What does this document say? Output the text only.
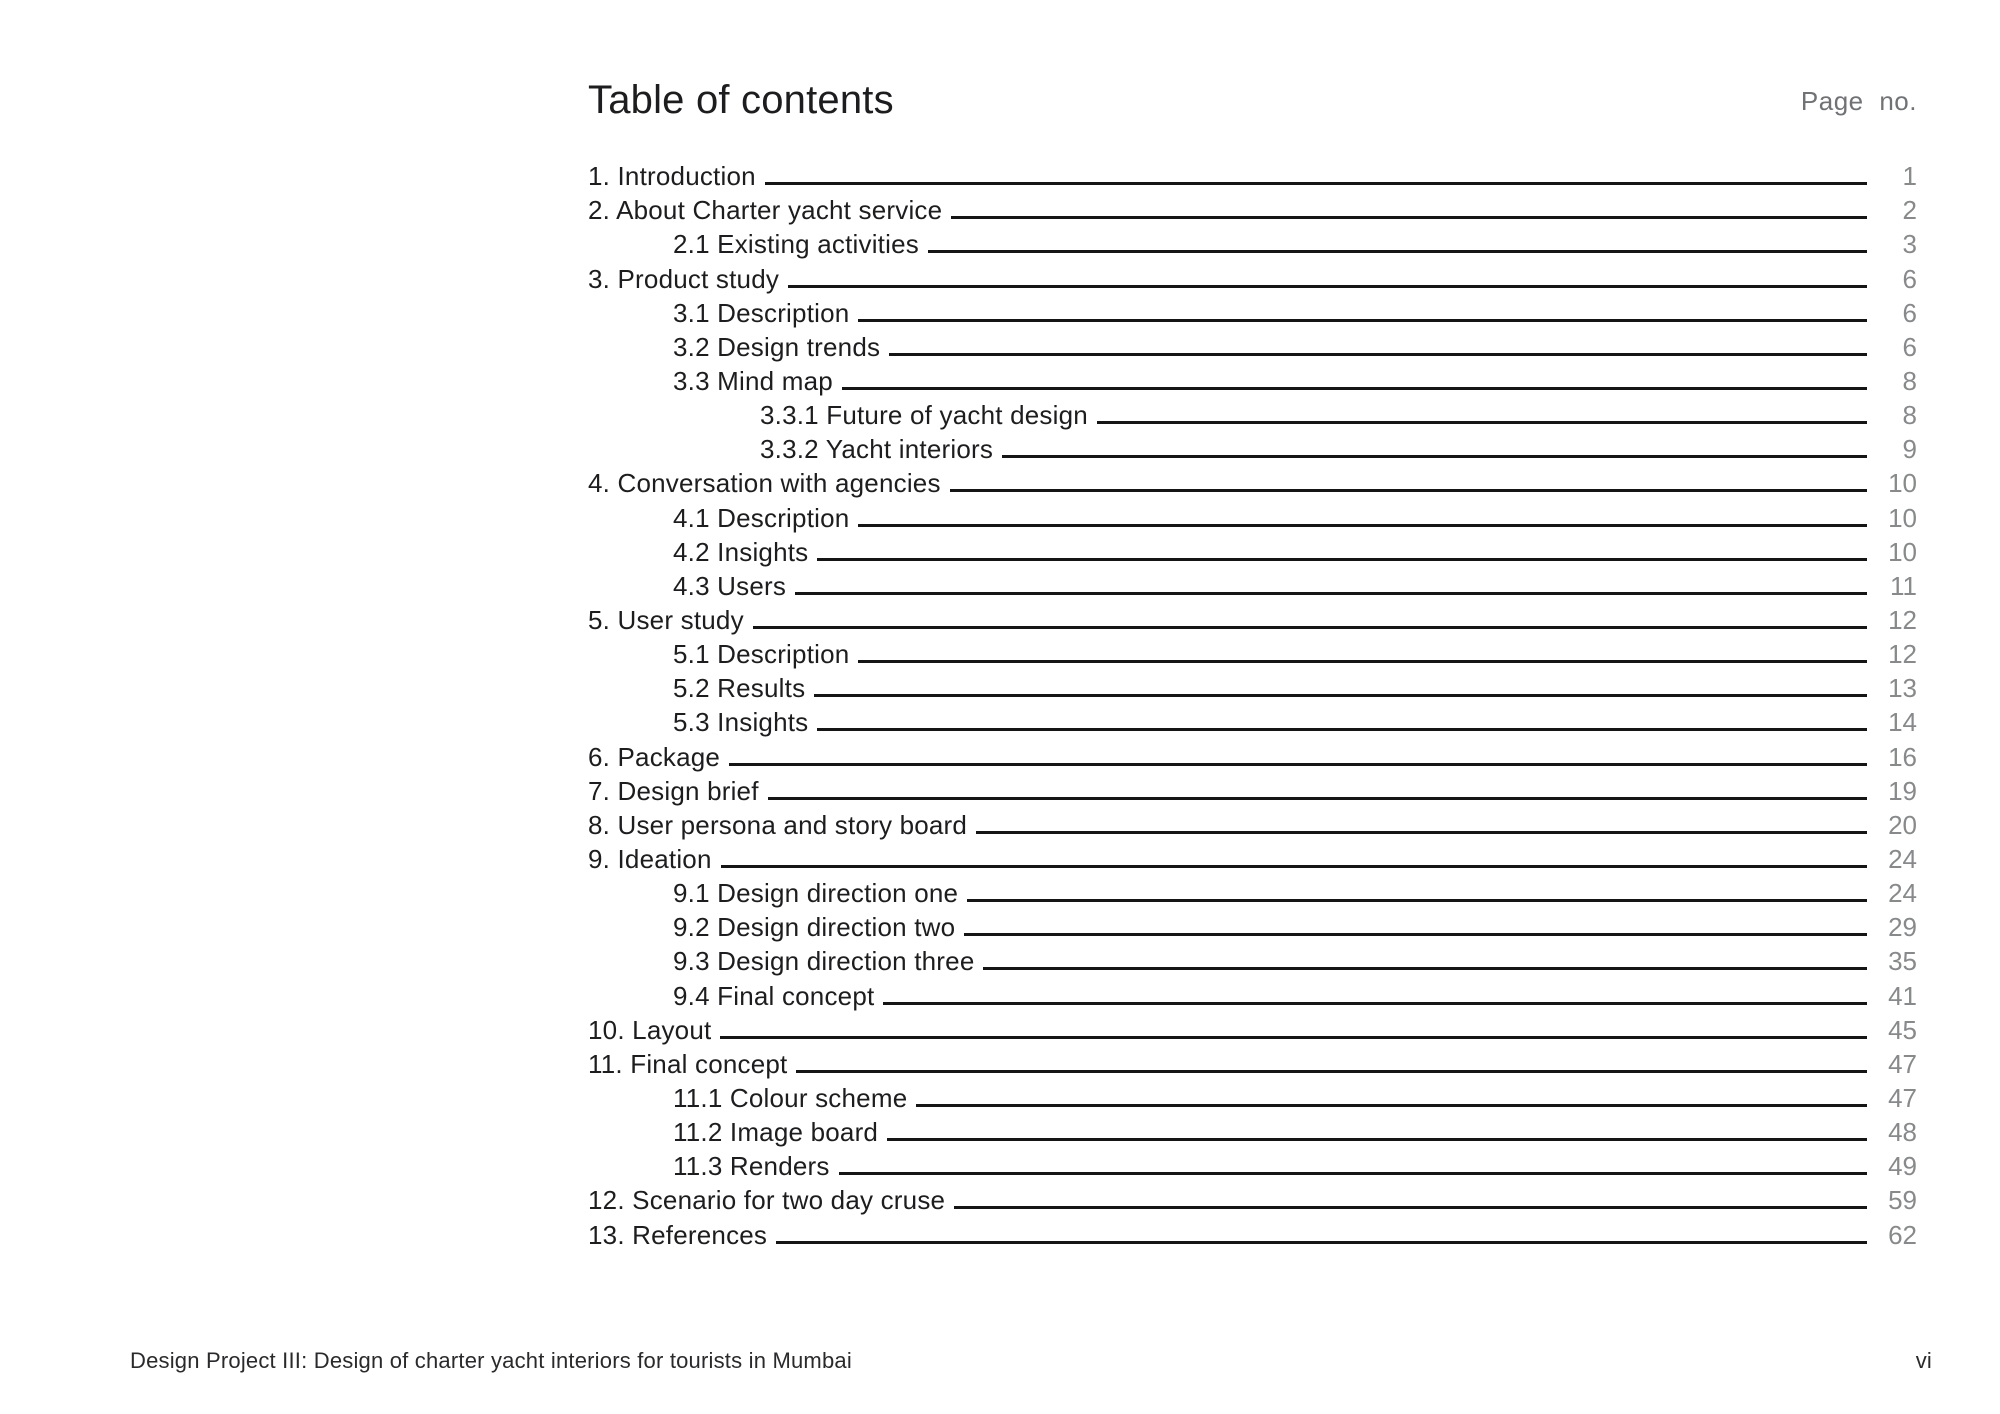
Table of contents	Page no.
1. Introduction	1
2. About Charter yacht service	2
2.1 Existing activities	3
3. Product study	6
3.1 Description	6
3.2 Design trends	6
3.3 Mind map	8
3.3.1 Future of yacht design	8
3.3.2 Yacht interiors	9
4. Conversation with agencies	10
4.1 Description	10
4.2 Insights	10
4.3 Users	11
5. User study	12
5.1 Description	12
5.2 Results	13
5.3 Insights	14
6. Package	16
7. Design brief	19
8. User persona and story board	20
9. Ideation	24
9.1 Design direction one	24
9.2 Design direction two	29
9.3 Design direction three	35
9.4 Final concept	41
10. Layout	45
11. Final concept	47
11.1 Colour scheme	47
11.2 Image board	48
11.3 Renders	49
12. Scenario for two day cruse	59
13. References	62
Design Project III: Design of charter yacht interiors for tourists in Mumbai	vi
